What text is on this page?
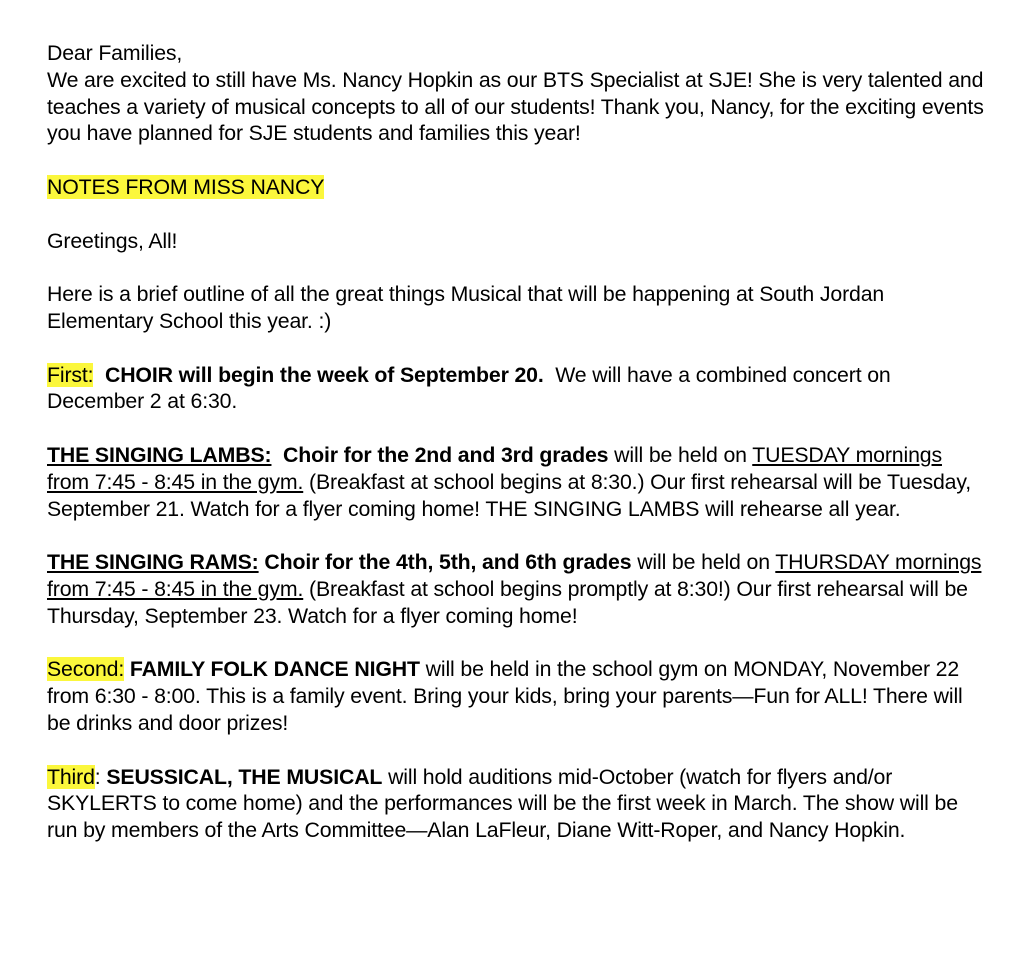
Dear Families,

We are excited to still have Ms. Nancy Hopkin as our BTS Specialist at SJE! She is very talented and teaches a variety of musical concepts to all of our students! Thank you, Nancy, for the exciting events you have planned for SJE students and families this year!

NOTES FROM MISS NANCY

Greetings, All!

Here is a brief outline of all the great things Musical that will be happening at South Jordan Elementary School this year. :)

First: CHOIR will begin the week of September 20. We will have a combined concert on December 2 at 6:30.

THE SINGING LAMBS: Choir for the 2nd and 3rd grades will be held on TUESDAY mornings from 7:45 - 8:45 in the gym. (Breakfast at school begins at 8:30.) Our first rehearsal will be Tuesday, September 21. Watch for a flyer coming home! THE SINGING LAMBS will rehearse all year.

THE SINGING RAMS: Choir for the 4th, 5th, and 6th grades will be held on THURSDAY mornings from 7:45 - 8:45 in the gym. (Breakfast at school begins promptly at 8:30!) Our first rehearsal will be Thursday, September 23. Watch for a flyer coming home!

Second: FAMILY FOLK DANCE NIGHT will be held in the school gym on MONDAY, November 22 from 6:30 - 8:00. This is a family event. Bring your kids, bring your parents—Fun for ALL! There will be drinks and door prizes!

Third: SEUSSICAL, THE MUSICAL will hold auditions mid-October (watch for flyers and/or SKYLERTS to come home) and the performances will be the first week in March. The show will be run by members of the Arts Committee—Alan LaFleur, Diane Witt-Roper, and Nancy Hopkin.
